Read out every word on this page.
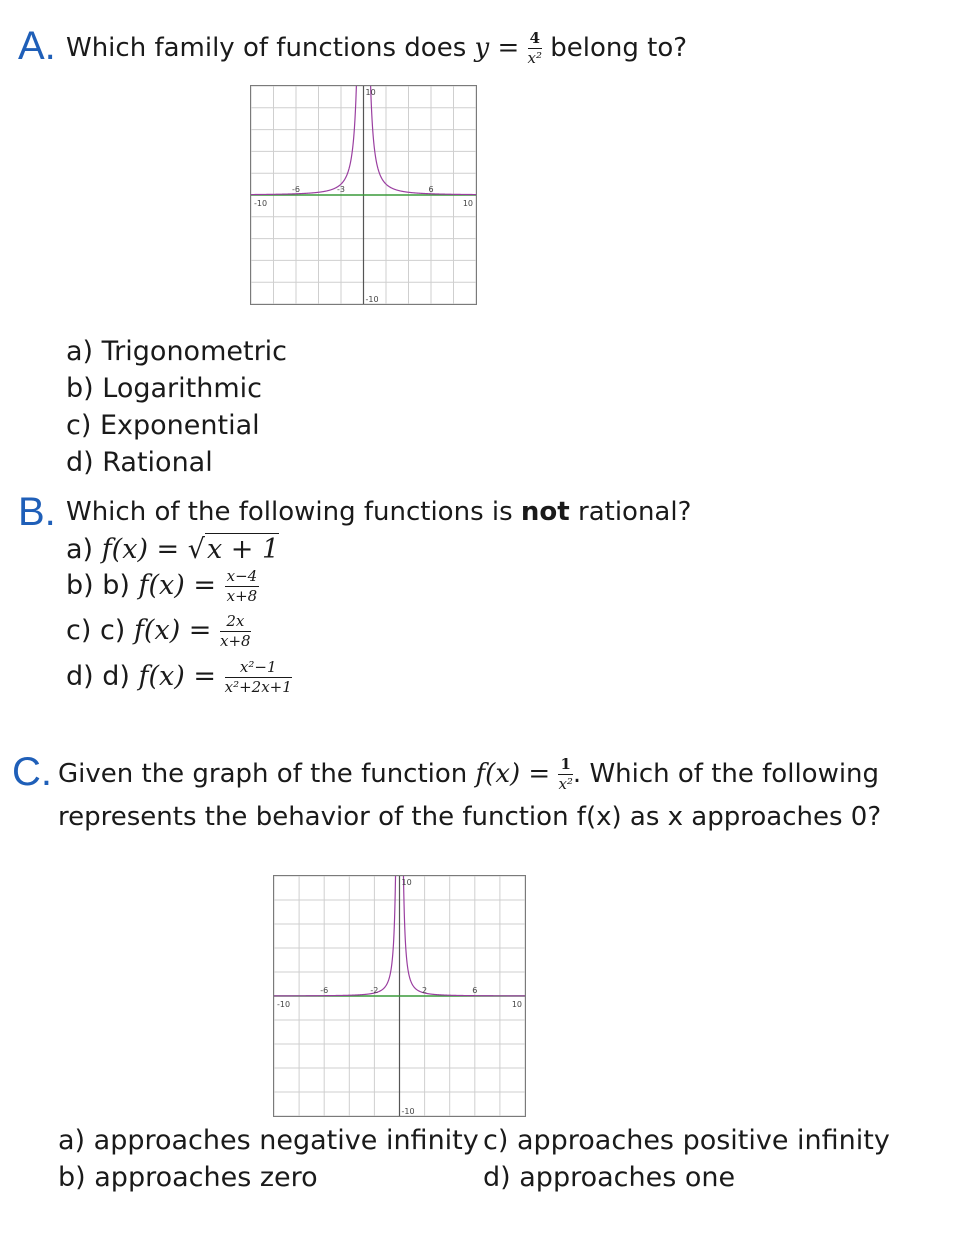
A. Which family of functions does $y = \frac{4}{\text{x²}}$ belong to?
-10	10
10
-10
-6	-3	6
a) Trigonometric
b) Logarithmic
c) Exponential
d) Rational
B. Which of the following functions is not rational?
a) f(x) = √x + 1
b) b) $f(x) = \frac{x-4}{x+8}$
c) c) $f(x) = \frac{2x}{x+8}$
d) d) $f(x) = \frac{\text{x²−1}}{\text{x²+2x+1}}$
C. Given the graph of the function $f(x) = \frac{1}{\text{x²}}$ . Which of the following
represents the behavior of the function f(x) as x approaches 0?
-10	10
10
-10
-6	-2	2	6
a) approaches negative infinity
b) approaches zero
c) approaches positive infinity
d) approaches one
